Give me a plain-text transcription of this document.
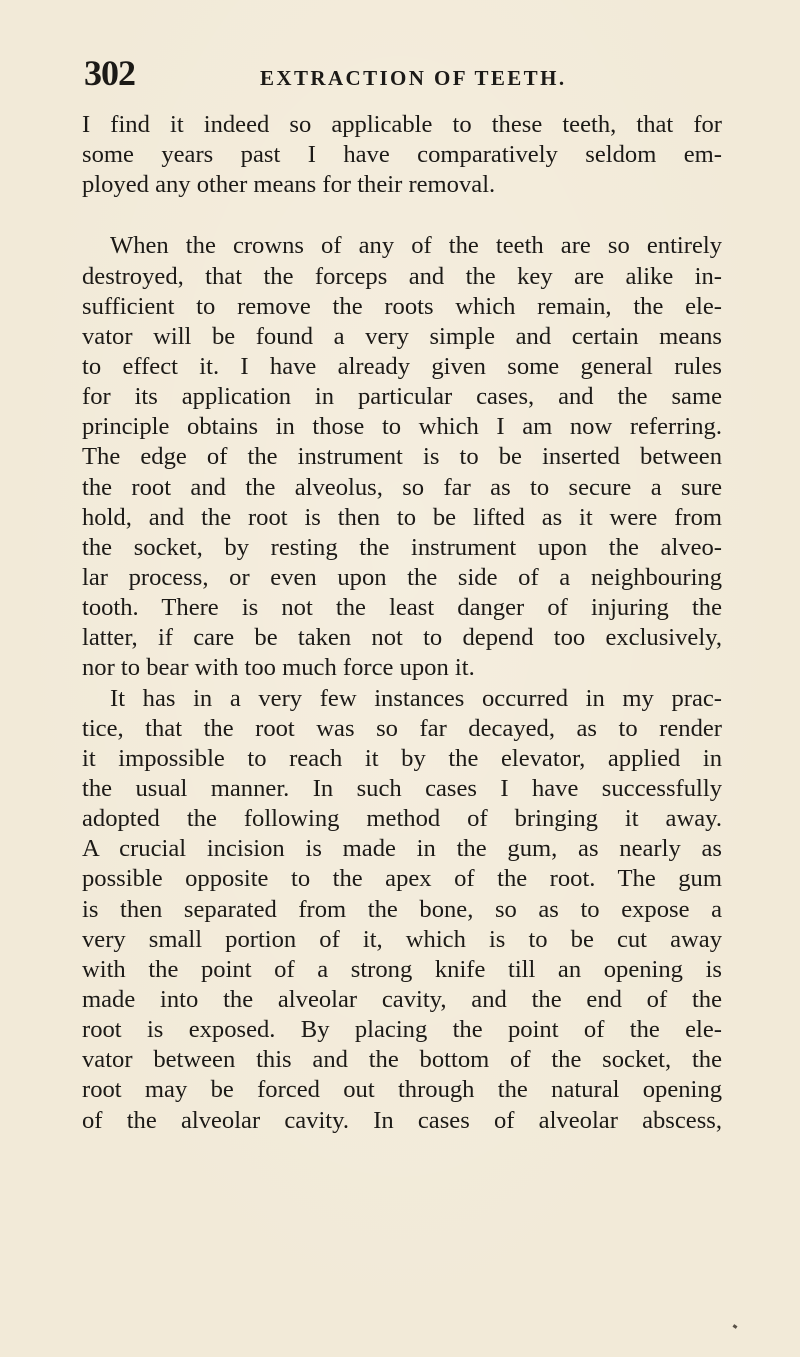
302	EXTRACTION OF TEETH.
I find it indeed so applicable to these teeth, that for
some years past I have comparatively seldom em-
ployed any other means for their removal.
When the crowns of any of the teeth are so entirely
destroyed, that the forceps and the key are alike in-
sufficient to remove the roots which remain, the ele-
vator will be found a very simple and certain means
to effect it. I have already given some general rules
for its application in particular cases, and the same
principle obtains in those to which I am now referring.
The edge of the instrument is to be inserted between
the root and the alveolus, so far as to secure a sure
hold, and the root is then to be lifted as it were from
the socket, by resting the instrument upon the alveo-
lar process, or even upon the side of a neighbouring
tooth. There is not the least danger of injuring the
latter, if care be taken not to depend too exclusively,
nor to bear with too much force upon it.
It has in a very few instances occurred in my prac-
tice, that the root was so far decayed, as to render
it impossible to reach it by the elevator, applied in
the usual manner. In such cases I have successfully
adopted the following method of bringing it away.
A crucial incision is made in the gum, as nearly as
possible opposite to the apex of the root. The gum
is then separated from the bone, so as to expose a
very small portion of it, which is to be cut away
with the point of a strong knife till an opening is
made into the alveolar cavity, and the end of the
root is exposed. By placing the point of the ele-
vator between this and the bottom of the socket, the
root may be forced out through the natural opening
of the alveolar cavity. In cases of alveolar abscess,
